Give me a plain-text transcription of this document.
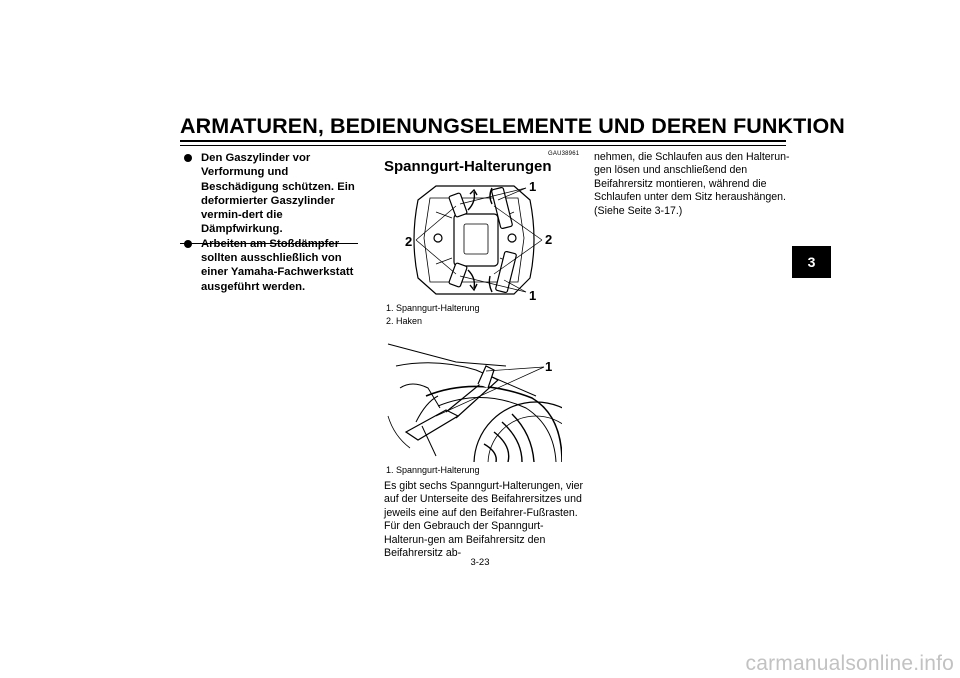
ARMATUREN, BEDIENUNGSELEMENTE UND DEREN FUNKTION
3
Den Gaszylinder vor Verformung und Beschädigung schützen. Ein deformierter Gaszylinder vermin-dert die Dämpfwirkung.
sollten ausschließlich von einer Yamaha-Fachwerkstatt ausgeführt werden.
GAU38961
Spanngurt-Halterungen
1
2	2
1
1. Spanngurt-Halterung
2. Haken
1
1. Spanngurt-Halterung

Es gibt sechs Spanngurt-Halterungen, vier auf der Unterseite des Beifahrersitzes und jeweils eine auf den Beifahrer-Fußrasten. Für den Gebrauch der Spanngurt-Halterun-gen am Beifahrersitz den Beifahrersitz ab-

nehmen, die Schlaufen aus den Halterun-gen lösen und anschließend den Beifahrersitz montieren, während die Schlaufen unter dem Sitz heraushängen. (Siehe Seite 3-17.)

3-23
carmanualsonline.info
